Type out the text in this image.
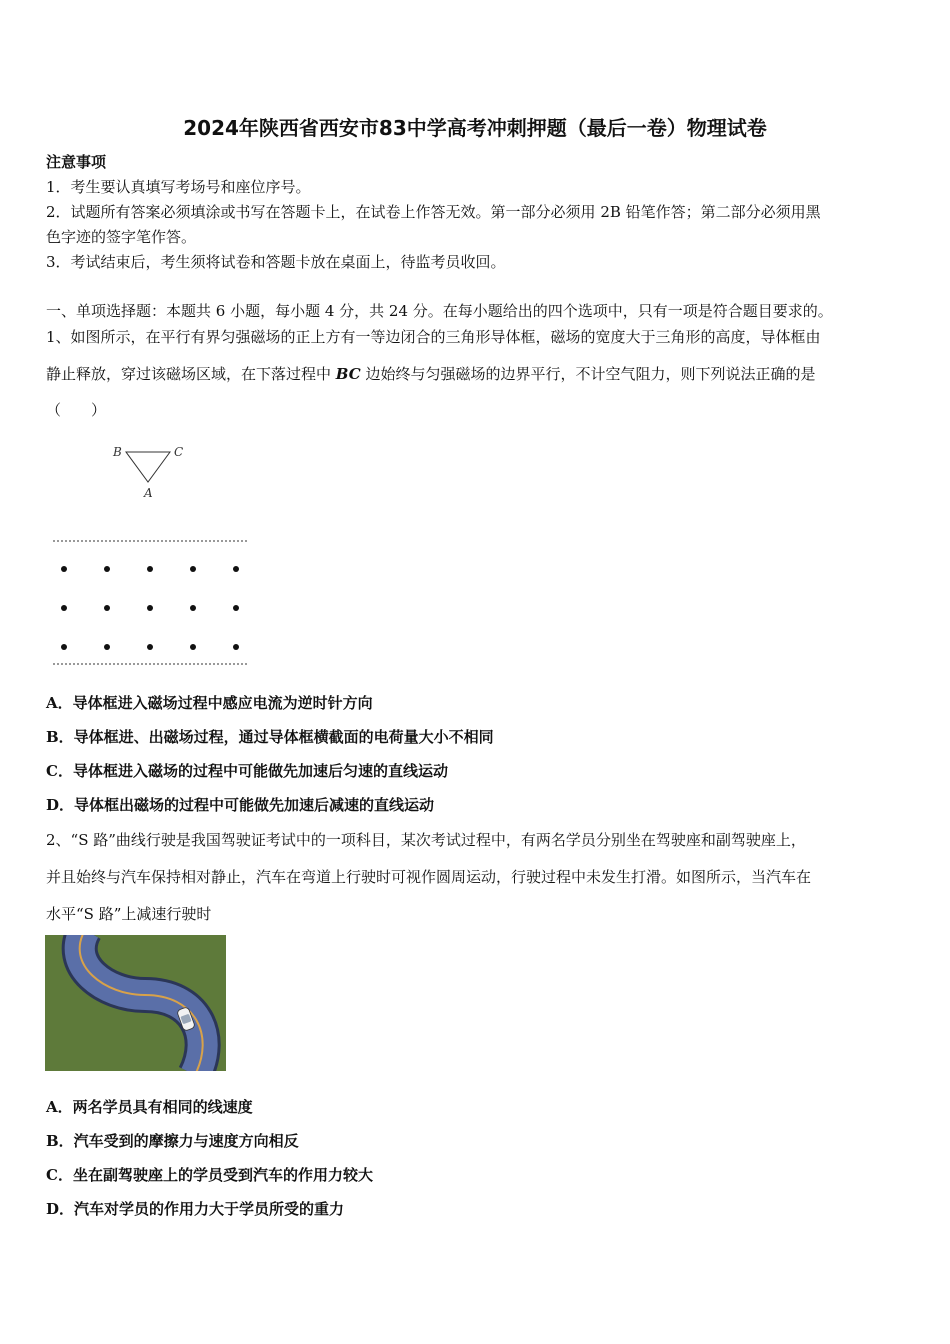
2024年陕西省西安市83中学高考冲刺押题（最后一卷）物理试卷
注意事项
1．考生要认真填写考场号和座位序号。
2．试题所有答案必须填涂或书写在答题卡上，在试卷上作答无效。第一部分必须用 2B 铅笔作答；第二部分必须用黑
色字迹的签字笔作答。
3．考试结束后，考生须将试卷和答题卡放在桌面上，待监考员收回。
一、单项选择题：本题共 6 小题，每小题 4 分，共 24 分。在每小题给出的四个选项中，只有一项是符合题目要求的。
1、如图所示，在平行有界匀强磁场的正上方有一等边闭合的三角形导体框，磁场的宽度大于三角形的高度，导体框由
静止释放，穿过该磁场区域，在下落过程中 BC 边始终与匀强磁场的边界平行，不计空气阻力，则下列说法正确的是
（　　）
B	C
A
A．导体框进入磁场过程中感应电流为逆时针方向
B．导体框进、出磁场过程，通过导体框横截面的电荷量大小不相同
C．导体框进入磁场的过程中可能做先加速后匀速的直线运动
D．导体框出磁场的过程中可能做先加速后减速的直线运动
2、“S 路”曲线行驶是我国驾驶证考试中的一项科目，某次考试过程中，有两名学员分别坐在驾驶座和副驾驶座上，
并且始终与汽车保持相对静止，汽车在弯道上行驶时可视作圆周运动，行驶过程中未发生打滑。如图所示，当汽车在
水平“S 路”上减速行驶时
A．两名学员具有相同的线速度
B．汽车受到的摩擦力与速度方向相反
C．坐在副驾驶座上的学员受到汽车的作用力较大
D．汽车对学员的作用力大于学员所受的重力
